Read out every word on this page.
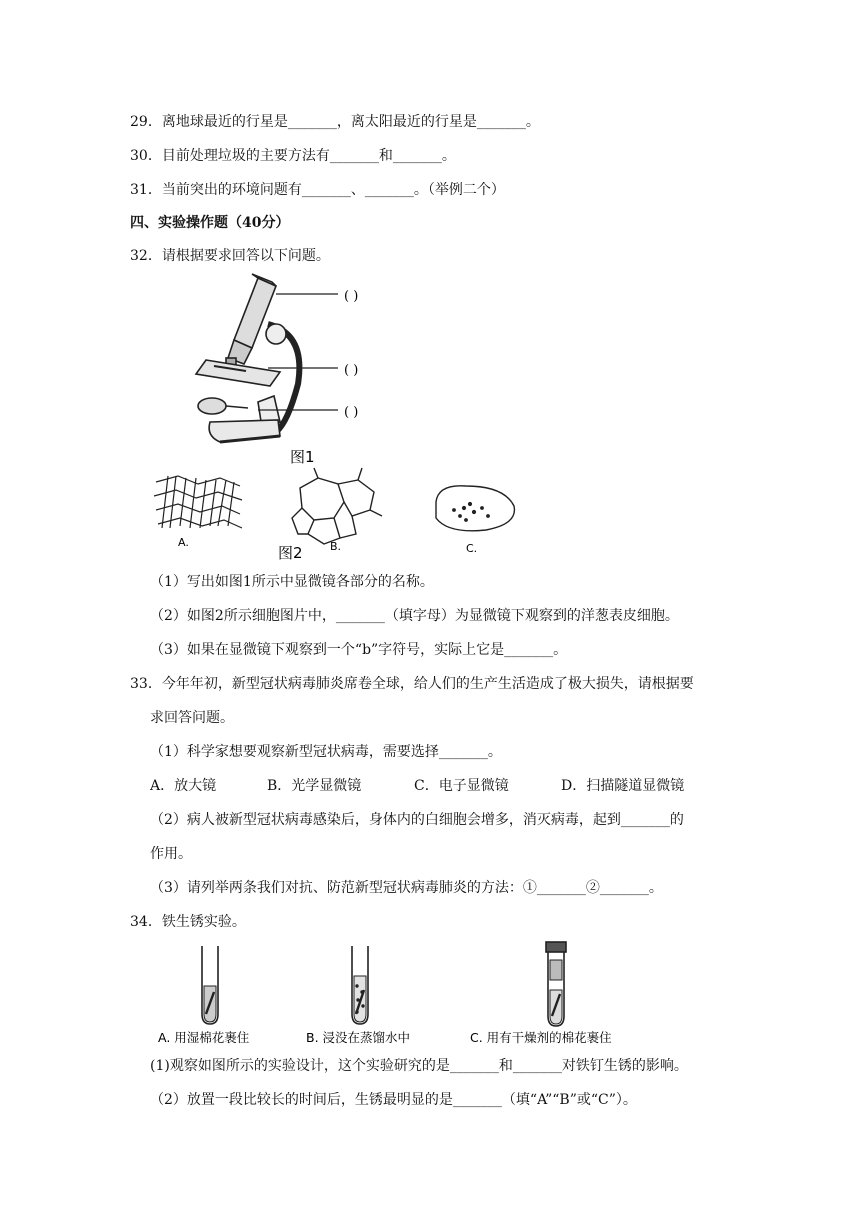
29．离地球最近的行星是_______，离太阳最近的行星是_______。
30．目前处理垃圾的主要方法有_______和_______。
31．当前突出的环境问题有_______、_______。（举例二个）
四、实验操作题（40分）
32．请根据要求回答以下问题。
( )
( )
( )
图1
A.	B.	C.
图2
（1）写出如图1所示中显微镜各部分的名称。
（2）如图2所示细胞图片中，_______（填字母）为显微镜下观察到的洋葱表皮细胞。
（3）如果在显微镜下观察到一个“b”字符号，实际上它是_______。
33．今年年初，新型冠状病毒肺炎席卷全球，给人们的生产生活造成了极大损失，请根据要
求回答问题。
（1）科学家想要观察新型冠状病毒，需要选择_______。
A．放大镜	B．光学显微镜	C．电子显微镜	D．扫描隧道显微镜
（2）病人被新型冠状病毒感染后，身体内的白细胞会增多，消灭病毒，起到_______的
作用。
（3）请列举两条我们对抗、防范新型冠状病毒肺炎的方法：①_______②_______。
34．铁生锈实验。
A. 用湿棉花裹住	B. 浸没在蒸馏水中	C. 用有干燥剂的棉花裹住
(1)观察如图所示的实验设计，这个实验研究的是_______和_______对铁钉生锈的影响。
（2）放置一段比较长的时间后，生锈最明显的是_______（填“A”“B”或“C”）。
